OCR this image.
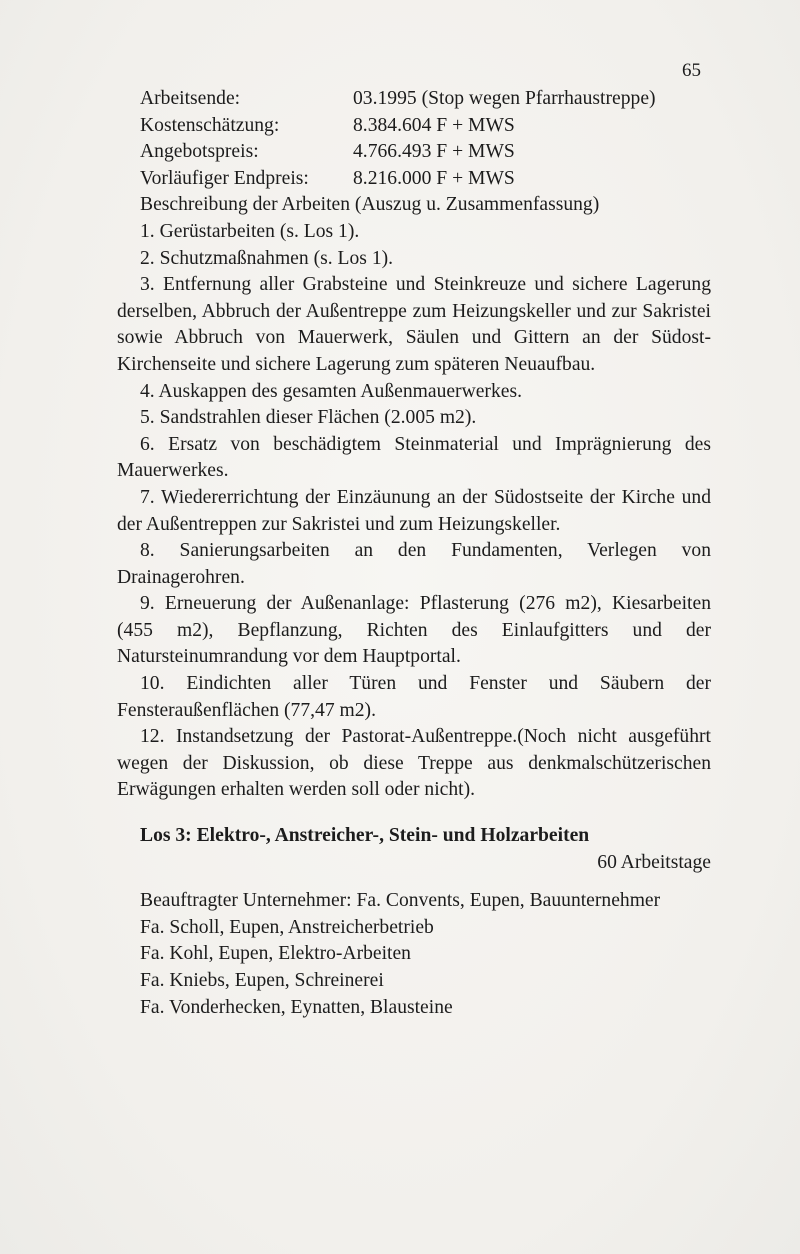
65
Arbeitsende:	03.1995 (Stop wegen Pfarrhaustreppe)
Kostenschätzung:	8.384.604 F + MWS
Angebotspreis:	4.766.493 F + MWS
Vorläufiger Endpreis:	8.216.000 F + MWS
Beschreibung der Arbeiten (Auszug u. Zusammenfassung)

1. Gerüstarbeiten (s. Los 1).

2. Schutzmaßnahmen (s. Los 1).

3. Entfernung aller Grabsteine und Steinkreuze und sichere Lagerung derselben, Abbruch der Außentreppe zum Heizungskeller und zur Sakristei sowie Abbruch von Mauerwerk, Säulen und Gittern an der Südost-Kirchenseite und sichere Lagerung zum späteren Neuaufbau.

4. Auskappen des gesamten Außenmauerwerkes.

5. Sandstrahlen dieser Flächen (2.005 m2).

6. Ersatz von beschädigtem Steinmaterial und Imprägnierung des Mauerwerkes.

7. Wiedererrichtung der Einzäunung an der Südostseite der Kirche und der Außentreppen zur Sakristei und zum Heizungskeller.

8. Sanierungsarbeiten an den Fundamenten, Verlegen von Drainagerohren.

9. Erneuerung der Außenanlage: Pflasterung (276 m2), Kiesarbeiten (455 m2), Bepflanzung, Richten des Einlaufgitters und der Natursteinumrandung vor dem Hauptportal.

10. Eindichten aller Türen und Fenster und Säubern der Fensteraußenflächen (77,47 m2).

12. Instandsetzung der Pastorat-Außentreppe.(Noch nicht ausgeführt wegen der Diskussion, ob diese Treppe aus denkmalschützerischen Erwägungen erhalten werden soll oder nicht).

Los 3: Elektro-, Anstreicher-, Stein- und Holzarbeiten
60 Arbeitstage

Beauftragter Unternehmer: Fa. Convents, Eupen, Bauunternehmer

Fa. Scholl, Eupen, Anstreicherbetrieb
Fa. Kohl, Eupen, Elektro-Arbeiten
Fa. Kniebs, Eupen, Schreinerei
Fa. Vonderhecken, Eynatten, Blausteine
